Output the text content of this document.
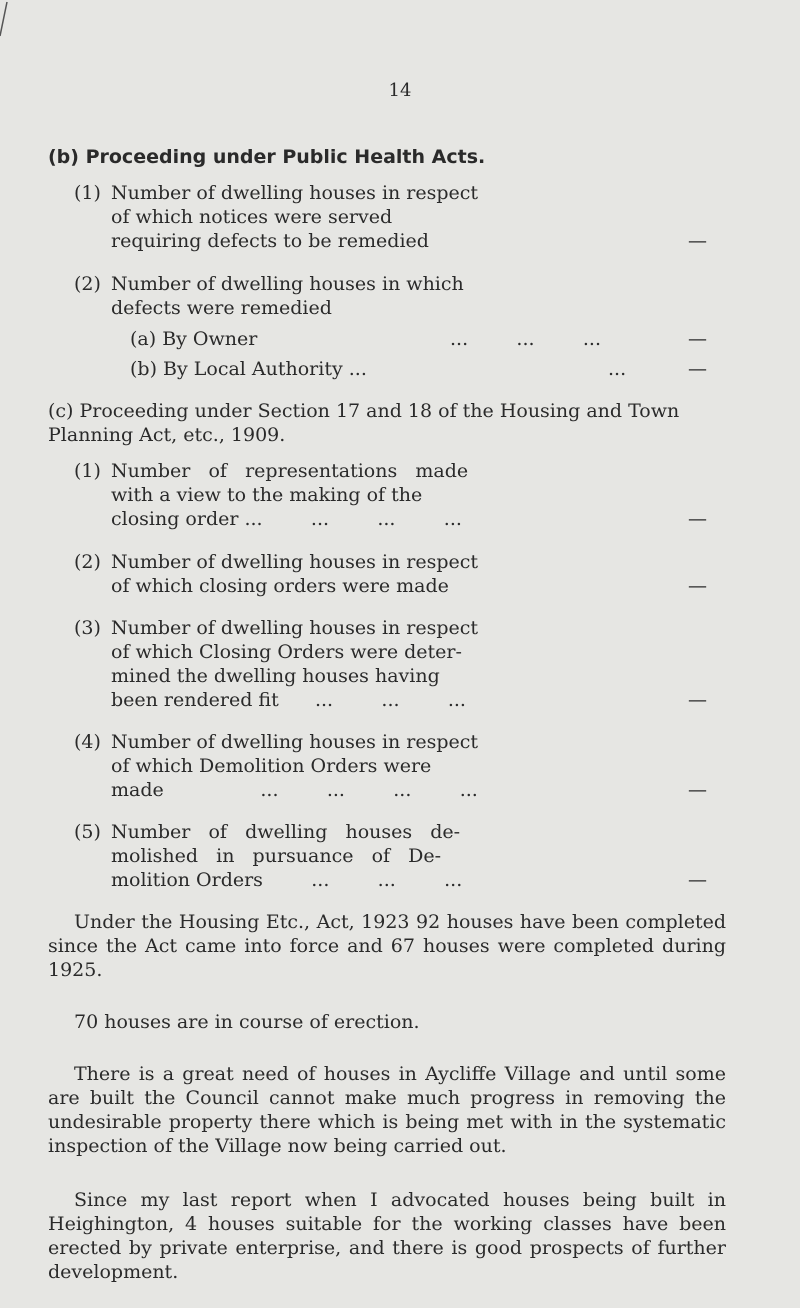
14
(b) Proceeding under Public Health Acts.
(1) Number of dwelling houses in respect
of which notices were served
requiring defects to be remedied	—
(2) Number of dwelling houses in which
defects were remedied
(a) By Owner	...        ...        ...	—
(b) By Local Authority ...	...	—
(c) Proceeding under Section 17 and 18 of the Housing and Town
Planning Act, etc., 1909.
(1) Number   of   representations   made
with a view to the making of the
closing order ...        ...        ...        ...	—
(2) Number of dwelling houses in respect
of which closing orders were made	—
(3) Number of dwelling houses in respect
of which Closing Orders were deter-
mined the dwelling houses having
been rendered fit      ...        ...        ...	—
(4) Number of dwelling houses in respect
of which Demolition Orders were
made                ...        ...        ...        ...	—
(5) Number   of   dwelling   houses   de-
molished   in   pursuance   of   De-
molition Orders        ...        ...        ...	—
Under the Housing Etc., Act, 1923 92 houses have been completed since the Act came into force and 67 houses were completed during 1925.
70 houses are in course of erection.
There is a great need of houses in Aycliffe Village and until some are built the Council cannot make much progress in removing the undesirable property there which is being met with in the systematic inspection of the Village now being carried out.
Since my last report when I advocated houses being built in Heighington, 4 houses suitable for the working classes have been erected by private enterprise, and there is good prospects of further development.
